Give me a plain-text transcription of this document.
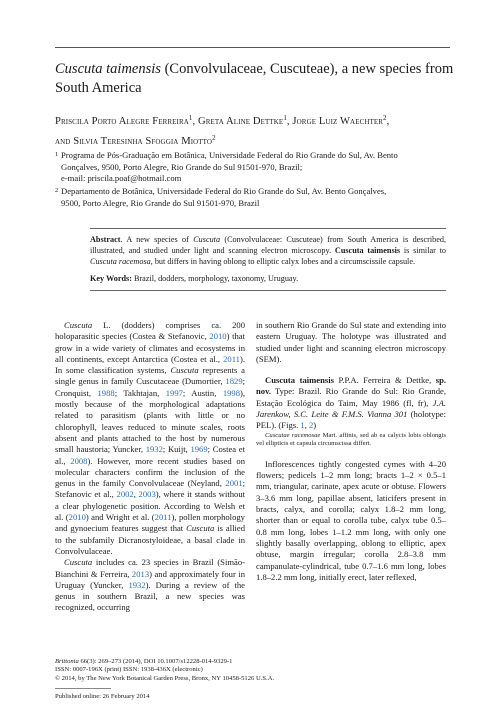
Cuscuta taimensis (Convolvulaceae, Cuscuteae), a new species from South America
Priscila Porto Alegre Ferreira$^1$, Greta Aline Dettke$^1$, Jorge Luiz Waechter$^2$,
and Silvia Teresinha Sfoggia Miotto$^2$
1 Programa de Pós-Graduação em Botânica, Universidade Federal do Rio Grande do Sul, Av. Bento
Gonçalves, 9500, Porto Alegre, Rio Grande do Sul 91501-970, Brazil;
e-mail: priscila.poaf@hotmail.com
2 Departamento de Botânica, Universidade Federal do Rio Grande do Sul, Av. Bento Gonçalves,
9500, Porto Alegre, Rio Grande do Sul 91501-970, Brazil
Abstract. A new species of Cuscuta (Convolvulaceae: Cuscuteae) from South America is described, illustrated, and studied under light and scanning electron microscopy. Cuscuta taimensis is similar to Cuscuta racemosa, but differs in having oblong to elliptic calyx lobes and a circumscissile capsule.
Key Words: Brazil, dodders, morphology, taxonomy, Uruguay.

Cuscuta L. (dodders) comprises ca. 200 holoparasitic species (Costea & Stefanovic, 2010) that grow in a wide variety of climates and ecosystems in all continents, except Antarctica (Costea et al., 2011). In some classification systems, Cuscuta represents a single genus in family Cuscutaceae (Dumortier, 1829; Cronquist, 1988; Takhtajan, 1997; Austin, 1998), mostly because of the morphological adaptations related to parasitism (plants with little or no chlorophyll, leaves reduced to minute scales, roots absent and plants attached to the host by numerous small haustoria; Yuncker, 1932; Kuijt, 1969; Costea et al., 2008). However, more recent studies based on molecular characters confirm the inclusion of the genus in the family Convolvulaceae (Neyland, 2001; Stefanovic et al., 2002, 2003), where it stands without a clear phylogenetic position. According to Welsh et al. (2010) and Wright et al. (2011), pollen morphology and gynoecium features suggest that Cuscuta is allied to the subfamily Dicranostyloideae, a basal clade in Convolvulaceae.

Cuscuta includes ca. 23 species in Brazil (Simão-Bianchini & Ferreira, 2013) and approximately four in Uruguay (Yuncker, 1932). During a review of the genus in southern Brazil, a new species was recognized, occurring

in southern Rio Grande do Sul state and extending into eastern Uruguay. The holotype was illustrated and studied under light and scanning electron microscopy (SEM).

Cuscuta taimensis P.P.A. Ferreira & Dettke, sp. nov. Type: Brazil. Rio Grande do Sul: Rio Grande, Estação Ecológica do Taim, May 1986 (fl, fr), J.A. Jarenkow, S.C. Leite & F.M.S. Vianna 301 (holotype: PEL). (Figs. 1, 2)

Cuscutae racemosae Mart. affinis, sed ab ea calycis lobis oblongis vel ellipticis et capsula circumscissa differt.

Inflorescences tightly congested cymes with 4–20 flowers; pedicels 1–2 mm long; bracts 1–2 × 0.5–1 mm, triangular, carinate, apex acute or obtuse. Flowers 3–3.6 mm long, papillae absent, laticifers present in bracts, calyx, and corolla; calyx 1.8–2 mm long, shorter than or equal to corolla tube, calyx tube 0.5–0.8 mm long, lobes 1–1.2 mm long, with only one slightly basally overlapping, oblong to elliptic, apex obtuse, margin irregular; corolla 2.8–3.8 mm campanulate-cylindrical, tube 0.7–1.6 mm long, lobes 1.8–2.2 mm long, initially erect, later reflexed,

Brittonia 66(3): 269–273 (2014), DOI 10.1007/s12228-014-9329-1
ISSN: 0007-196X (print) ISSN: 1938-436X (electronic)
© 2014, by The New York Botanical Garden Press, Bronx, NY 10458-5126 U.S.A.
Published online: 26 February 2014
